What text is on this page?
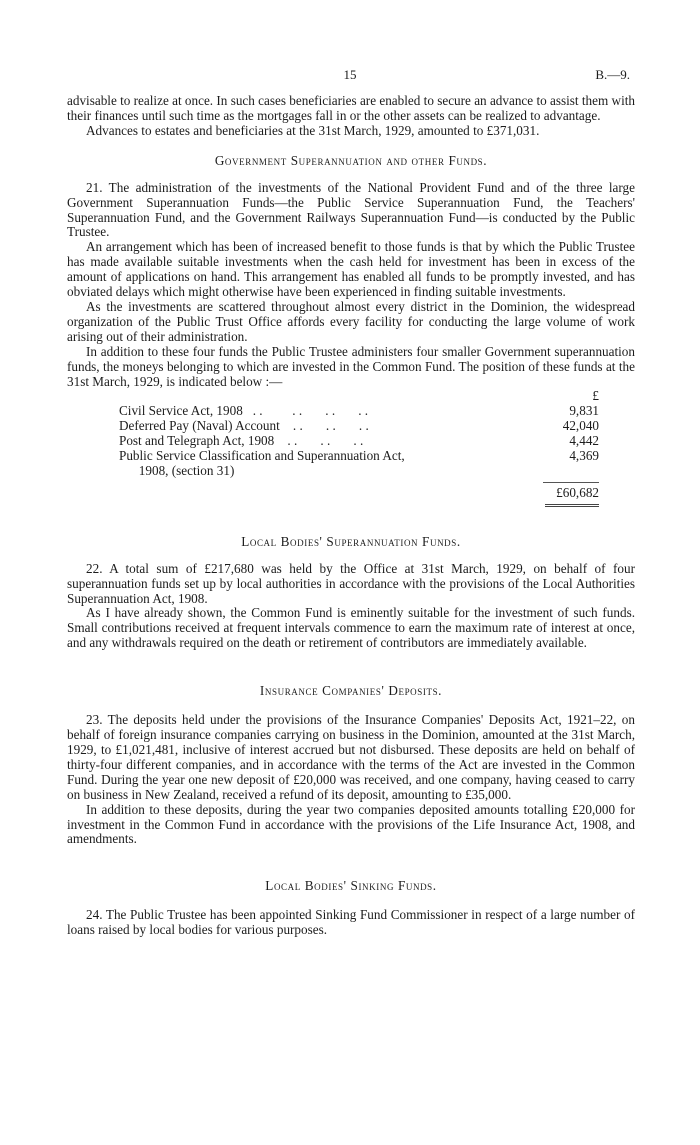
15	B.—9.

advisable to realize at once. In such cases beneficiaries are enabled to secure an advance to assist them with their finances until such time as the mortgages fall in or the other assets can be realized to advantage.

Advances to estates and beneficiaries at the 31st March, 1929, amounted to £371,031.

Government Superannuation and other Funds.

21. The administration of the investments of the National Provident Fund and of the three large Government Superannuation Funds—the Public Service Superannuation Fund, the Teachers' Superannuation Fund, and the Government Railways Superannuation Fund—is conducted by the Public Trustee.

An arrangement which has been of increased benefit to those funds is that by which the Public Trustee has made available suitable investments when the cash held for investment has been in excess of the amount of applications on hand. This arrangement has enabled all funds to be promptly invested, and has obviated delays which might otherwise have been experienced in finding suitable investments.

As the investments are scattered throughout almost every district in the Dominion, the widespread organization of the Public Trust Office affords every facility for conducting the large volume of work arising out of their administration.

In addition to these four funds the Public Trustee administers four smaller Government superannuation funds, the moneys belonging to which are invested in the Common Fund. The position of these funds at the 31st March, 1929, is indicated below :—

£
Civil Service Act, 1908   . .         . .       . .       . .	9,831
Deferred Pay (Naval) Account    . .       . .       . .	42,040
Post and Telegraph Act, 1908    . .       . .       . .	4,442
Public Service Classification and Superannuation Act,	4,369
1908, (section 31)
£60,682
Local Bodies' Superannuation Funds.

22. A total sum of £217,680 was held by the Office at 31st March, 1929, on behalf of four superannuation funds set up by local authorities in accordance with the provisions of the Local Authorities Superannuation Act, 1908.

As I have already shown, the Common Fund is eminently suitable for the investment of such funds. Small contributions received at frequent intervals commence to earn the maximum rate of interest at once, and any withdrawals required on the death or retirement of contributors are immediately available.

Insurance Companies' Deposits.

23. The deposits held under the provisions of the Insurance Companies' Deposits Act, 1921–22, on behalf of foreign insurance companies carrying on business in the Dominion, amounted at the 31st March, 1929, to £1,021,481, inclusive of interest accrued but not disbursed. These deposits are held on behalf of thirty-four different companies, and in accordance with the terms of the Act are invested in the Common Fund. During the year one new deposit of £20,000 was received, and one company, having ceased to carry on business in New Zealand, received a refund of its deposit, amounting to £35,000.

In addition to these deposits, during the year two companies deposited amounts totalling £20,000 for investment in the Common Fund in accordance with the provisions of the Life Insurance Act, 1908, and amendments.

Local Bodies' Sinking Funds.

24. The Public Trustee has been appointed Sinking Fund Commissioner in respect of a large number of loans raised by local bodies for various purposes.
